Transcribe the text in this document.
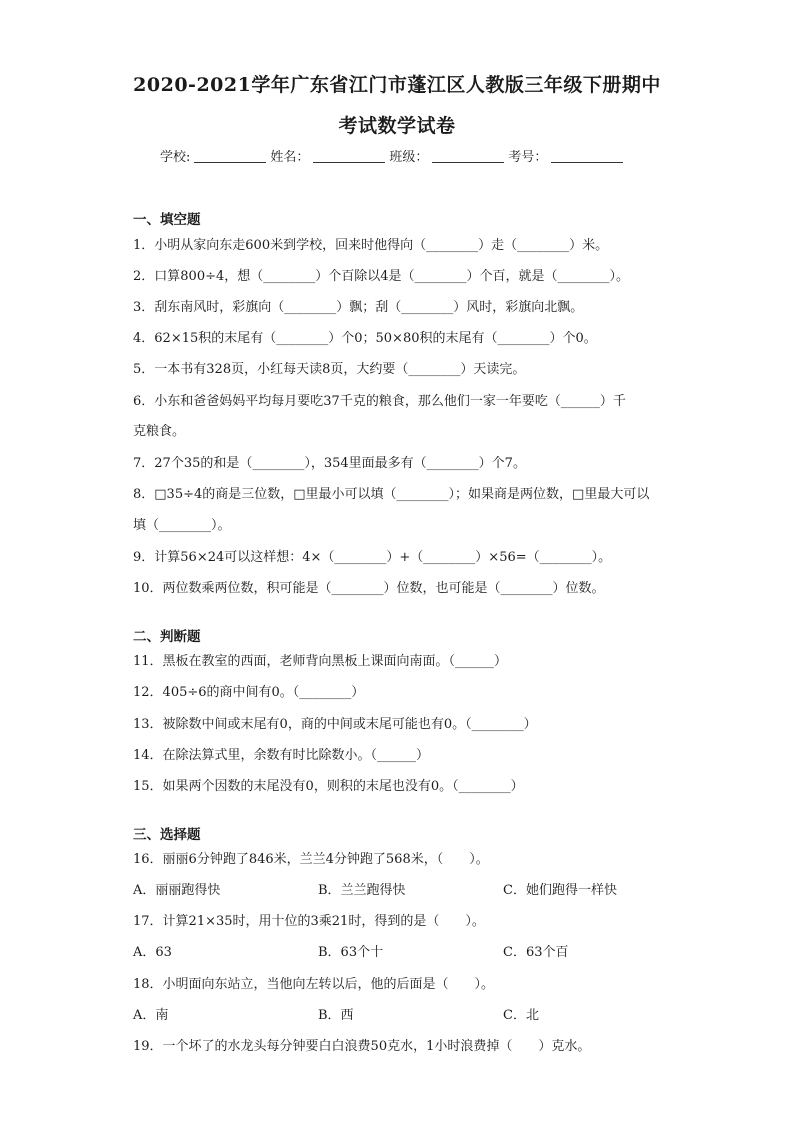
2020-2021学年广东省江门市蓬江区人教版三年级下册期中
考试数学试卷
学校:	姓名：	班级：	考号：
一、填空题
1．小明从家向东走600米到学校，回来时他得向（________）走（________）米。
2．口算800÷4，想（________）个百除以4是（________）个百，就是（________）。
3．刮东南风时，彩旗向（________）飘；刮（________）风时，彩旗向北飘。
4．62×15积的末尾有（________）个0；50×80积的末尾有（________）个0。
5．一本书有328页，小红每天读8页，大约要（________）天读完。
6．小东和爸爸妈妈平均每月要吃37千克的粮食，那么他们一家一年要吃（______）千
克粮食。
7．27个35的和是（________），354里面最多有（________）个7。
8．□35÷4的商是三位数，□里最小可以填（________）；如果商是两位数，□里最大可以
填（________）。
9．计算56×24可以这样想：4×（________）+（________）×56=（________）。
10．两位数乘两位数，积可能是（________）位数，也可能是（________）位数。
二、判断题
11．黑板在教室的西面，老师背向黑板上课面向南面。（______）
12．405÷6的商中间有0。（________）
13．被除数中间或末尾有0，商的中间或末尾可能也有0。（________）
14．在除法算式里，余数有时比除数小。（______）
15．如果两个因数的末尾没有0，则积的末尾也没有0。（________）
三、选择题
16．丽丽6分钟跑了846米，兰兰4分钟跑了568米，（　　）。
A．丽丽跑得快	B．兰兰跑得快	C．她们跑得一样快
17．计算21×35时，用十位的3乘21时，得到的是（　　）。
A．63	B．63个十	C．63个百
18．小明面向东站立，当他向左转以后，他的后面是（　　）。
A．南	B．西	C．北
19．一个坏了的水龙头每分钟要白白浪费50克水，1小时浪费掉（　　）克水。
